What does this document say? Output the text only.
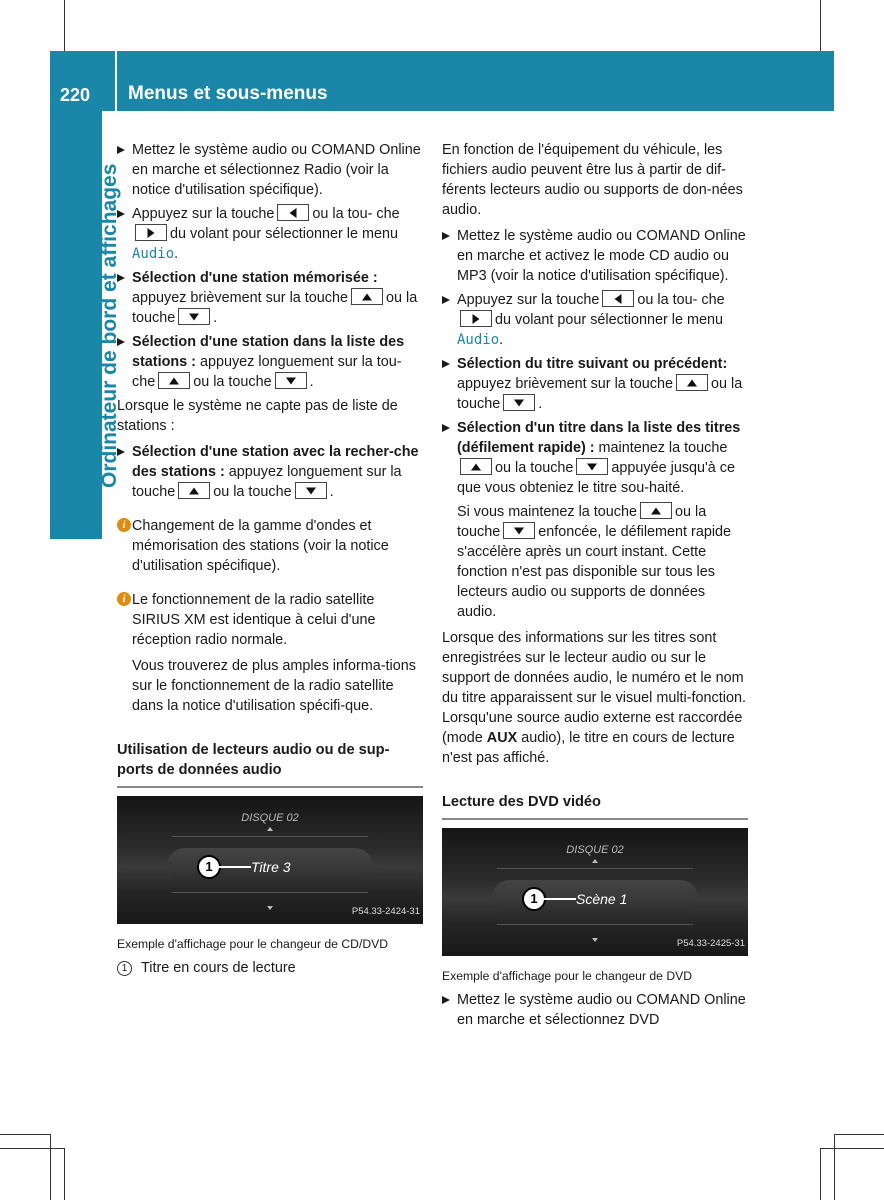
220 Menus et sous-menus
Ordinateur de bord et affichages
Mettez le système audio ou COMAND Online en marche et sélectionnez Radio (voir la notice d'utilisation spécifique).
Appuyez sur la touche	ou la tou- chedu volant pour sélectionner le menu Audio.
Sélection d'une station mémorisée : appuyez brièvement sur la touche	ou la touche	.
Sélection d'une station dans la liste des stations : appuyez longuement sur la tou- che	ou la touche	.

Lorsque le système ne capte pas de liste de stations :

Sélection d'une station avec la recher-che des stations : appuyez longuement sur la touche	ou la touche	.
i Changement de la gamme d'ondes et mémorisation des stations (voir la notice d'utilisation spécifique).
i Le fonctionnement de la radio satellite SIRIUS XM est identique à celui d'une réception radio normale.
Vous trouverez de plus amples informa-tions sur le fonctionnement de la radio satellite dans la notice d'utilisation spécifi-que.
Utilisation de lecteurs audio ou de sup-ports de données audio
DISQUE 02
1	Titre 3
P54.33-2424-31
Exemple d'affichage pour le changeur de CD/DVD
1 Titre en cours de lecture

En fonction de l'équipement du véhicule, les fichiers audio peuvent être lus à partir de dif-férents lecteurs audio ou supports de don-nées audio.

Mettez le système audio ou COMAND Online en marche et activez le mode CD audio ou MP3 (voir la notice d'utilisation spécifique).
Appuyez sur la touche	ou la tou- chedu volant pour sélectionner le menu Audio.
Sélection du titre suivant ou précédent: appuyez brièvement sur la touche	ou la touche	.
Sélection d'un titre dans la liste des titres (défilement rapide) : maintenez la toucheou la touche	appuyée jusqu'à ce que vous obteniez le titre sou-haité.
Si vous maintenez la touche	ou la touche	enfoncée, le défilement rapide s'accélère après un court instant. Cette fonction n'est pas disponible sur tous les lecteurs audio ou supports de données audio.

Lorsque des informations sur les titres sont enregistrées sur le lecteur audio ou sur le support de données audio, le numéro et le nom du titre apparaissent sur le visuel multi-fonction. Lorsqu'une source audio externe est raccordée (mode AUX audio), le titre en cours de lecture n'est pas affiché.

Lecture des DVD vidéo
DISQUE 02
1	Scène 1
P54.33-2425-31
Exemple d'affichage pour le changeur de DVD
Mettez le système audio ou COMAND Online en marche et sélectionnez DVD
